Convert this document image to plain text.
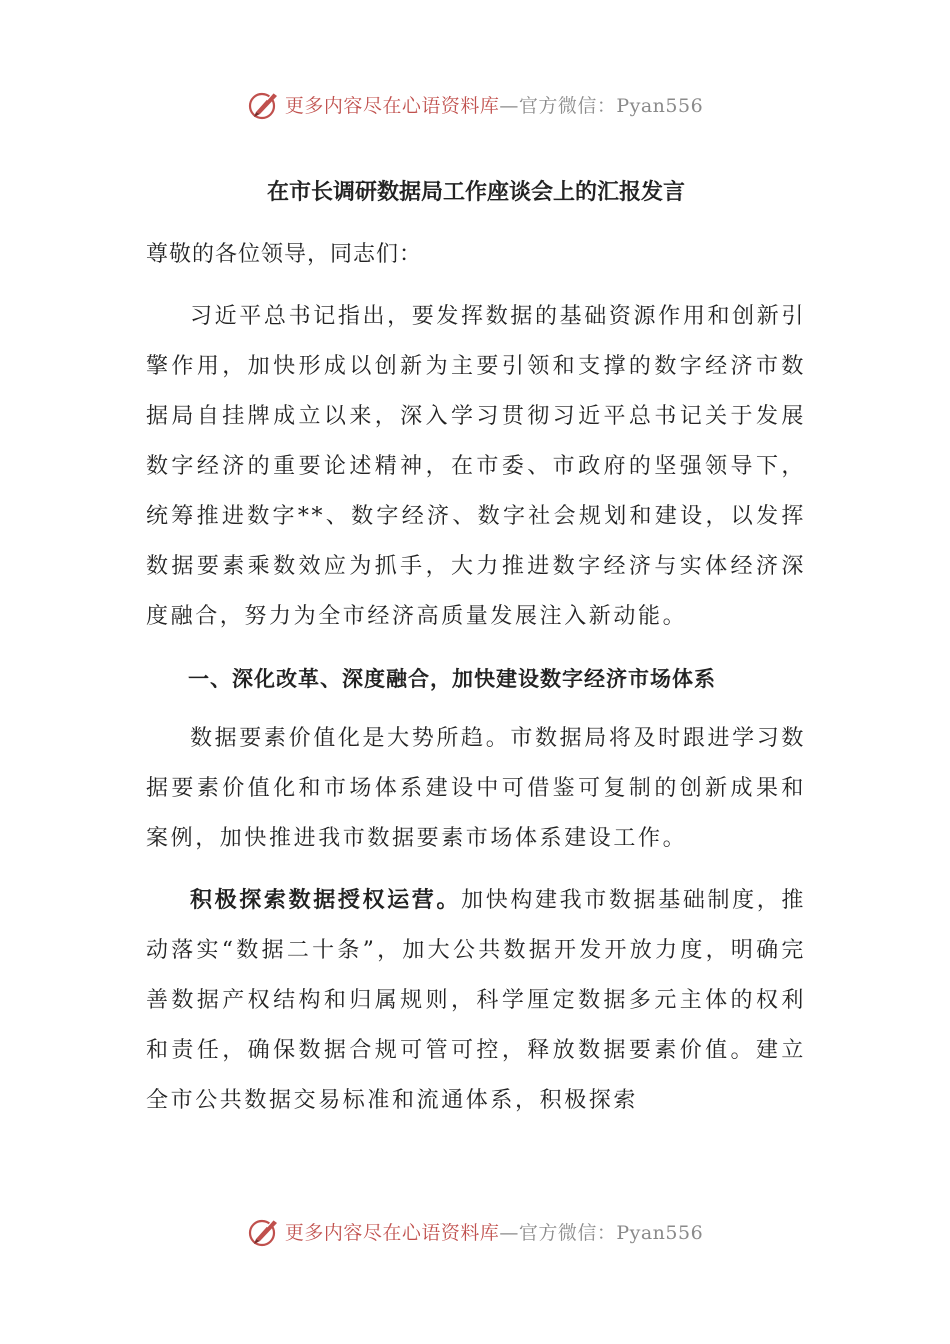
更多内容尽在心语资料库—官方微信：Pyan556
在市长调研数据局工作座谈会上的汇报发言
尊敬的各位领导，同志们：

习近平总书记指出，要发挥数据的基础资源作用和创新引擎作用，加快形成以创新为主要引领和支撑的数字经济市数据局自挂牌成立以来，深入学习贯彻习近平总书记关于发展数字经济的重要论述精神，在市委、市政府的坚强领导下，统筹推进数字**、数字经济、数字社会规划和建设，以发挥数据要素乘数效应为抓手，大力推进数字经济与实体经济深度融合，努力为全市经济高质量发展注入新动能。

一、深化改革、深度融合，加快建设数字经济市场体系

数据要素价值化是大势所趋。市数据局将及时跟进学习数据要素价值化和市场体系建设中可借鉴可复制的创新成果和案例，加快推进我市数据要素市场体系建设工作。

积极探索数据授权运营。加快构建我市数据基础制度，推动落实“数据二十条”，加大公共数据开发开放力度，明确完善数据产权结构和归属规则，科学厘定数据多元主体的权利和责任，确保数据合规可管可控，释放数据要素价值。建立全市公共数据交易标准和流通体系，积极探索

更多内容尽在心语资料库—官方微信：Pyan556
